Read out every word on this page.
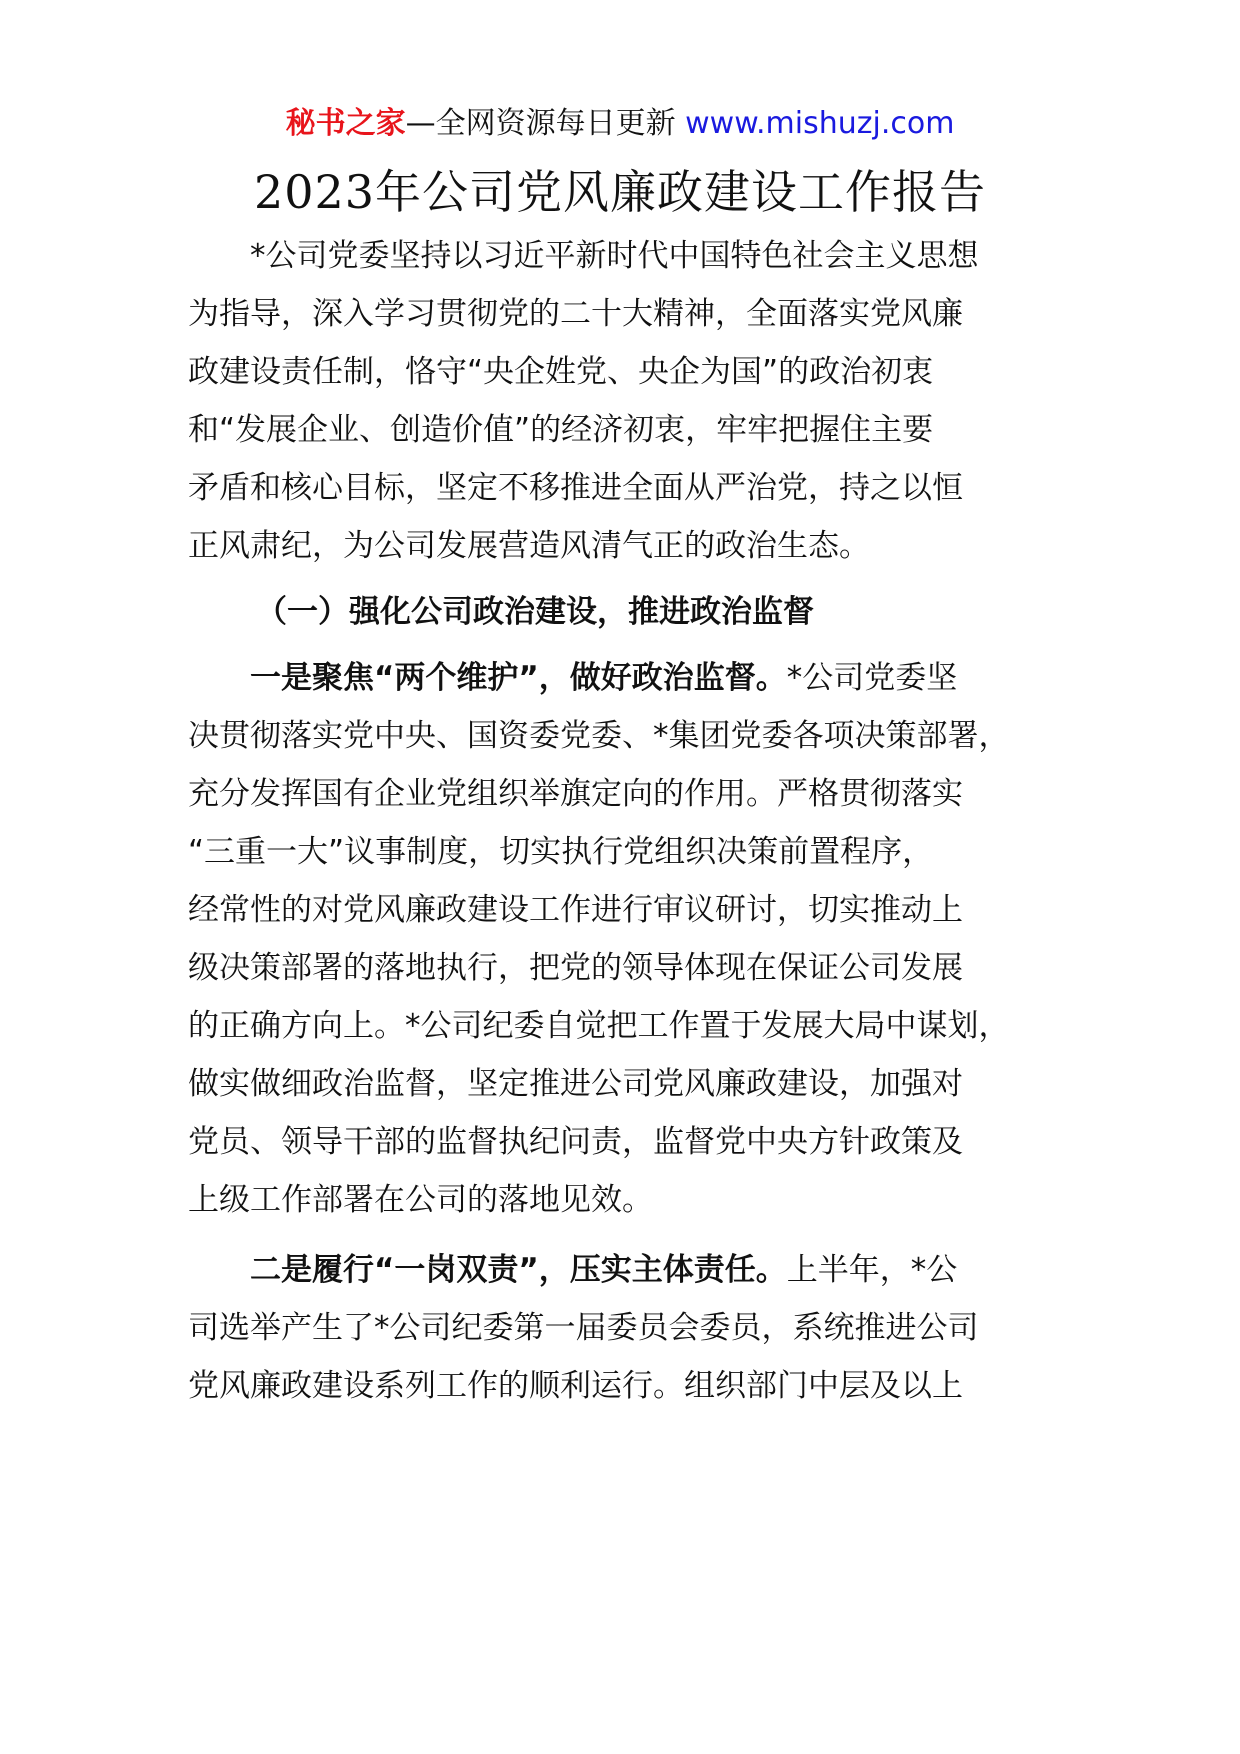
秘书之家—全网资源每日更新 www.mishuzj.com
2023年公司党风廉政建设工作报告
*公司党委坚持以习近平新时代中国特色社会主义思想
为指导，深入学习贯彻党的二十大精神，全面落实党风廉
政建设责任制，恪守“央企姓党、央企为国”的政治初衷
和“发展企业、创造价值”的经济初衷，牢牢把握住主要
矛盾和核心目标，坚定不移推进全面从严治党，持之以恒
正风肃纪，为公司发展营造风清气正的政治生态。
（一）强化公司政治建设，推进政治监督
一是聚焦“两个维护”，做好政治监督。*公司党委坚
决贯彻落实党中央、国资委党委、*集团党委各项决策部署，
充分发挥国有企业党组织举旗定向的作用。严格贯彻落实
“三重一大”议事制度，切实执行党组织决策前置程序，
经常性的对党风廉政建设工作进行审议研讨，切实推动上
级决策部署的落地执行，把党的领导体现在保证公司发展
的正确方向上。*公司纪委自觉把工作置于发展大局中谋划，
做实做细政治监督，坚定推进公司党风廉政建设，加强对
党员、领导干部的监督执纪问责，监督党中央方针政策及
上级工作部署在公司的落地见效。
二是履行“一岗双责”，压实主体责任。上半年，*公
司选举产生了*公司纪委第一届委员会委员，系统推进公司
党风廉政建设系列工作的顺利运行。组织部门中层及以上
